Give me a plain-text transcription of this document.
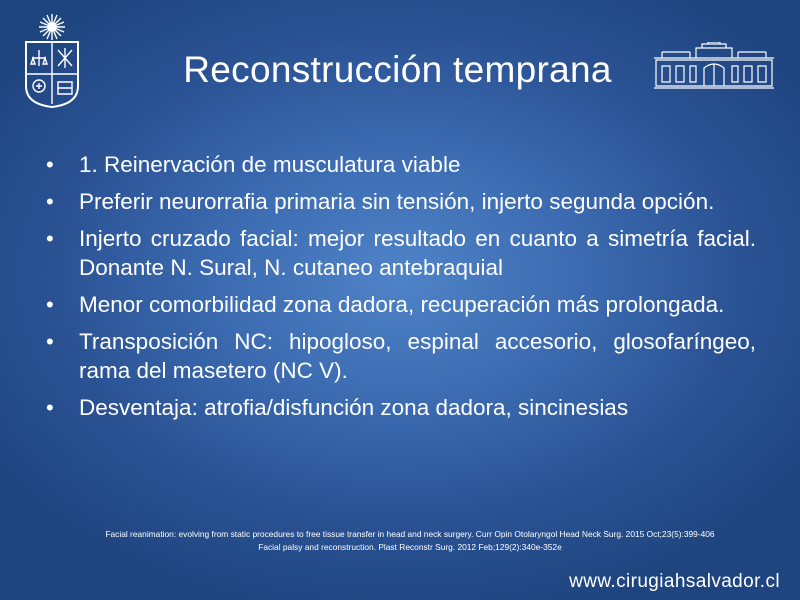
Reconstrucción temprana
• 1. Reinervación de musculatura viable
• Preferir neurorrafia primaria sin tensión, injerto segunda opción.
• Injerto cruzado facial: mejor resultado en cuanto a simetría facial. Donante N. Sural, N. cutaneo antebraquial
• Menor comorbilidad zona dadora, recuperación más prolongada.
• Transposición NC: hipogloso, espinal accesorio, glosofaríngeo, rama del masetero (NC V).
• Desventaja: atrofia/disfunción zona dadora, sincinesias
Facial reanimation: evolving from static procedures to free tissue transfer in head and neck surgery. Curr Opin Otolaryngol Head Neck Surg. 2015 Oct;23(5):399-406
Facial palsy and reconstruction. Plast Reconstr Surg. 2012 Feb;129(2):340e-352e
www.cirugiahsalvador.cl
